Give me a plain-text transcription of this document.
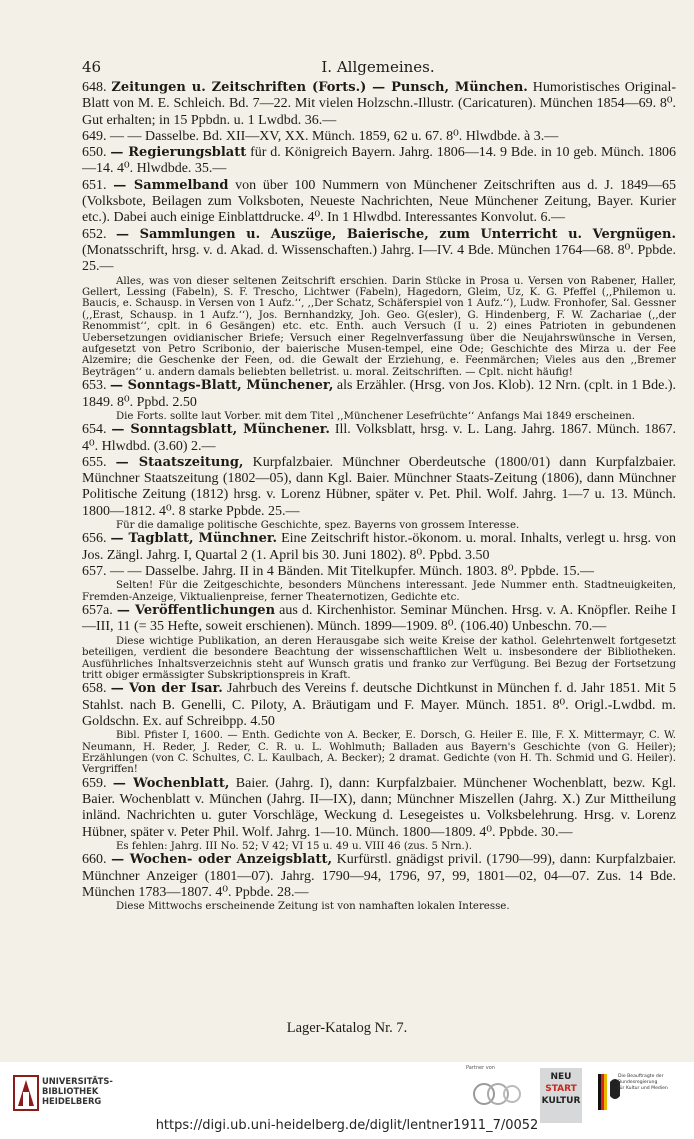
46	I. Allgemeines.

648. Zeitungen u. Zeitschriften (Forts.) — Punsch, München. Humoristisches Original-Blatt von M. E. Schleich. Bd. 7—22. Mit vielen Holzschn.-Illustr. (Caricaturen). München 1854—69. 8⁰. Gut erhalten; in 15 Ppbdn. u. 1 Lwdbd. 36.—

649. — — Dasselbe. Bd. XII—XV, XX. Münch. 1859, 62 u. 67. 8⁰. Hlwdbde. à 3.—

650. — Regierungsblatt für d. Königreich Bayern. Jahrg. 1806—14. 9 Bde. in 10 geb. Münch. 1806—14. 4⁰. Hlwdbde. 35.—

651. — Sammelband von über 100 Nummern von Münchener Zeitschriften aus d. J. 1849—65 (Volksbote, Beilagen zum Volksboten, Neueste Nachrichten, Neue Münchener Zeitung, Bayer. Kurier etc.). Dabei auch einige Einblattdrucke. 4⁰. In 1 Hlwdbd. Interessantes Konvolut. 6.—

652. — Sammlungen u. Auszüge, Baierische, zum Unterricht u. Vergnügen. (Monatsschrift, hrsg. v. d. Akad. d. Wissenschaften.) Jahrg. I—IV. 4 Bde. München 1764—68. 8⁰. Ppbde. 25.—

Alles, was von dieser seltenen Zeitschrift erschien. Darin Stücke in Prosa u. Versen von Rabener, Haller, Gellert, Lessing (Fabeln), S. F. Trescho, Lichtwer (Fabeln), Hagedorn, Gleim, Uz, K. G. Pfeffel (,,Philemon u. Baucis, e. Schausp. in Versen von 1 Aufz.‘‘, ,,Der Schatz, Schäferspiel von 1 Aufz.‘‘), Ludw. Fronhofer, Sal. Gessner (,,Erast, Schausp. in 1 Aufz.‘‘), Jos. Bernhandzky, Joh. Geo. G(esler), G. Hindenberg, F. W. Zachariae (,,der Renommist‘‘, cplt. in 6 Gesängen) etc. etc. Enth. auch Versuch (I u. 2) eines Patrioten in gebundenen Uebersetzungen ovidianischer Briefe; Versuch einer Regelnverfassung über die Neujahrswünsche in Versen, aufgesetzt von Petro Scribonio, der baierische Musen-tempel, eine Ode; Geschichte des Mirza u. der Fee Alzemire; die Geschenke der Feen, od. die Gewalt der Erziehung, e. Feenmärchen; Vieles aus den ,,Bremer Beyträgen‘‘ u. andern damals beliebten belletrist. u. moral. Zeitschriften. — Cplt. nicht häufig!

653. — Sonntags-Blatt, Münchener, als Erzähler. (Hrsg. von Jos. Klob). 12 Nrn. (cplt. in 1 Bde.). 1849. 8⁰. Ppbd. 2.50

Die Forts. sollte laut Vorber. mit dem Titel ,,Münchener Lesefrüchte‘‘ Anfangs Mai 1849 erscheinen.

654. — Sonntagsblatt, Münchener. Ill. Volksblatt, hrsg. v. L. Lang. Jahrg. 1867. Münch. 1867. 4⁰. Hlwdbd. (3.60) 2.—

655. — Staatszeitung, Kurpfalzbaier. Münchner Oberdeutsche (1800/01) dann Kurpfalzbaier. Münchner Staatszeitung (1802—05), dann Kgl. Baier. Münchner Staats-Zeitung (1806), dann Münchner Politische Zeitung (1812) hrsg. v. Lorenz Hübner, später v. Pet. Phil. Wolf. Jahrg. 1—7 u. 13. Münch. 1800—1812. 4⁰. 8 starke Ppbde. 25.—

Für die damalige politische Geschichte, spez. Bayerns von grossem Interesse.

656. — Tagblatt, Münchner. Eine Zeitschrift histor.-ökonom. u. moral. Inhalts, verlegt u. hrsg. von Jos. Zängl. Jahrg. I, Quartal 2 (1. April bis 30. Juni 1802). 8⁰. Ppbd. 3.50

657. — — Dasselbe. Jahrg. II in 4 Bänden. Mit Titelkupfer. Münch. 1803. 8⁰. Ppbde. 15.—

Selten! Für die Zeitgeschichte, besonders Münchens interessant. Jede Nummer enth. Stadtneuigkeiten, Fremden-Anzeige, Viktualienpreise, ferner Theaternotizen, Gedichte etc.

657a. — Veröffentlichungen aus d. Kirchenhistor. Seminar München. Hrsg. v. A. Knöpfler. Reihe I—III, 11 (= 35 Hefte, soweit erschienen). Münch. 1899—1909. 8⁰. (106.40) Unbeschn. 70.—

Diese wichtige Publikation, an deren Herausgabe sich weite Kreise der kathol. Gelehrtenwelt fortgesetzt beteiligen, verdient die besondere Beachtung der wissenschaftlichen Welt u. insbesondere der Bibliotheken. Ausführliches Inhaltsverzeichnis steht auf Wunsch gratis und franko zur Verfügung. Bei Bezug der Fortsetzung tritt obiger ermässigter Subskriptionspreis in Kraft.

658. — Von der Isar. Jahrbuch des Vereins f. deutsche Dichtkunst in München f. d. Jahr 1851. Mit 5 Stahlst. nach B. Genelli, C. Piloty, A. Bräutigam und F. Mayer. Münch. 1851. 8⁰. Origl.-Lwdbd. m. Goldschn. Ex. auf Schreibpp. 4.50

Bibl. Pfister I, 1600. — Enth. Gedichte von A. Becker, E. Dorsch, G. Heiler E. Ille, F. X. Mittermayr, C. W. Neumann, H. Reder, J. Reder, C. R. u. L. Wohlmuth; Balladen aus Bayern's Geschichte (von G. Heiler); Erzählungen (von C. Schultes, C. L. Kaulbach, A. Becker); 2 dramat. Gedichte (von H. Th. Schmid und G. Heiler). Vergriffen!

659. — Wochenblatt, Baier. (Jahrg. I), dann: Kurpfalzbaier. Münchener Wochenblatt, bezw. Kgl. Baier. Wochenblatt v. München (Jahrg. II—IX), dann; Münchner Miszellen (Jahrg. X.) Zur Mittheilung inländ. Nachrichten u. guter Vorschläge, Weckung d. Lesegeistes u. Volksbelehrung. Hrsg. v. Lorenz Hübner, später v. Peter Phil. Wolf. Jahrg. 1—10. Münch. 1800—1809. 4⁰. Ppbde. 30.—

Es fehlen: Jahrg. III No. 52; V 42; VI 15 u. 49 u. VIII 46 (zus. 5 Nrn.).

660. — Wochen- oder Anzeigsblatt, Kurfürstl. gnädigst privil. (1790—99), dann: Kurpfalzbaier. Münchner Anzeiger (1801—07). Jahrg. 1790—94, 1796, 97, 99, 1801—02, 04—07. Zus. 14 Bde. München 1783—1807. 4⁰. Ppbde. 28.—

Diese Mittwochs erscheinende Zeitung ist von namhaften lokalen Interesse.

Lager-Katalog Nr. 7.
UNIVERSITÄTS-
BIBLIOTHEK
HEIDELBERG
Partner von
NEU
START
KULTUR
Die Beauftragte der Bundesregierung
für Kultur und Medien
https://digi.ub.uni-heidelberg.de/diglit/lentner1911_7/0052
